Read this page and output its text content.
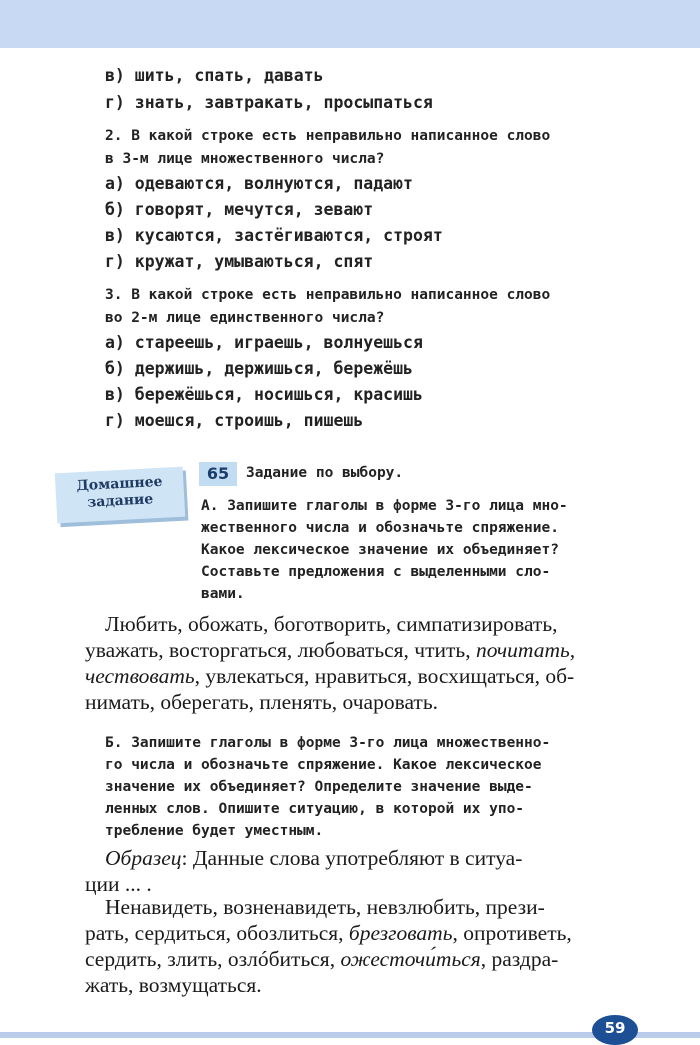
в) шить, спать, давать

г) знать, завтракать, просыпаться

2. В какой строке есть неправильно написанное слово

в 3-м лице множественного числа?

а) одеваются, волнуются, падают

б) говорят, мечутся, зевают

в) кусаются, застёгиваются, строят

г) кружат, умываються, спят

3. В какой строке есть неправильно написанное слово

во 2-м лице единственного числа?

а) стареешь, играешь, волнуешься

б) держишь, держишься, бережёшь

в) бережёшься, носишься, красишь

г) моешся, строишь, пишешь

Домашнее
задание
65	Задание по выбору.

А. Запишите глаголы в форме 3-го лица мно-

жественного числа и обозначьте спряжение.

Какое лексическое значение их объединяет?

Составьте предложения с выделенными сло-

вами.

Любить, обожать, боготворить, симпатизировать,

уважать, восторгаться, любоваться, чтить, почитать,

чествовать, увлекаться, нравиться, восхищаться, об-

нимать, оберегать, пленять, очаровать.

Б. Запишите глаголы в форме 3-го лица множественно-

го числа и обозначьте спряжение. Какое лексическое

значение их объединяет? Определите значение выде-

ленных слов. Опишите ситуацию, в которой их упо-

требление будет уместным.

Образец: Данные слова употребляют в ситуа-

ции ... .

Ненавидеть, возненавидеть, невзлюбить, прези-

рать, сердиться, обозлиться, брезговать, опротиветь,

сердить, злить, озлóбиться, ожесточи́ться, раздра-

жать, возмущаться.

59
